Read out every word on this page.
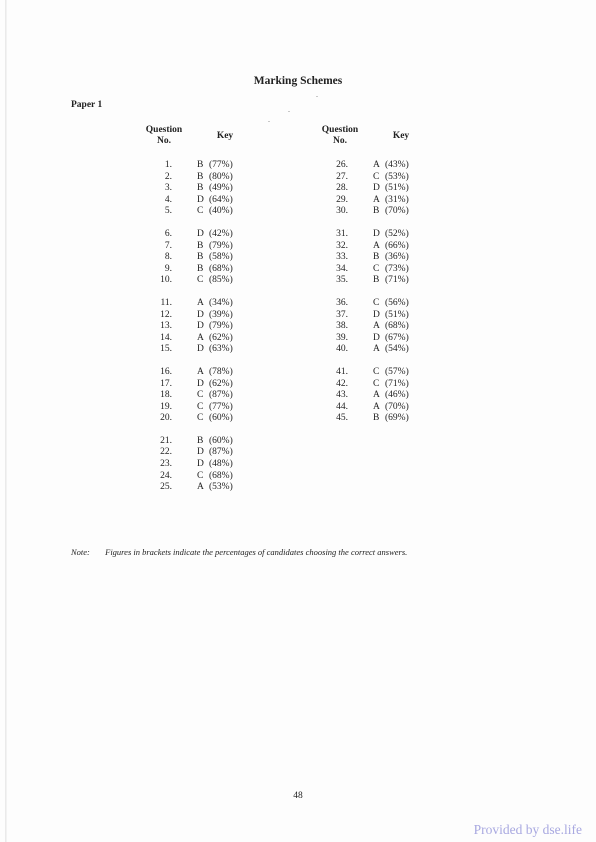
Marking Schemes
Paper 1
Question
No.	Key
Question
No.	Key
1.	B (77%)
2.	B (80%)
3.	B (49%)
4.	D (64%)
5.	C (40%)
6.	D (42%)
7.	B (79%)
8.	B (58%)
9.	B (68%)
10.	C (85%)
11.	A (34%)
12.	D (39%)
13.	D (79%)
14.	A (62%)
15.	D (63%)
16.	A (78%)
17.	D (62%)
18.	C (87%)
19.	C (77%)
20.	C (60%)
21.	B (60%)
22.	D (87%)
23.	D (48%)
24.	C (68%)
25.	A (53%)
26.	A (43%)
27.	C (53%)
28.	D (51%)
29.	A (31%)
30.	B (70%)
31.	D (52%)
32.	A (66%)
33.	B (36%)
34.	C (73%)
35.	B (71%)
36.	C (56%)
37.	D (51%)
38.	A (68%)
39.	D (67%)
40.	A (54%)
41.	C (57%)
42.	C (71%)
43.	A (46%)
44.	A (70%)
45.	B (69%)
Note: Figures in brackets indicate the percentages of candidates choosing the correct answers.
48
Provided by dse.life
